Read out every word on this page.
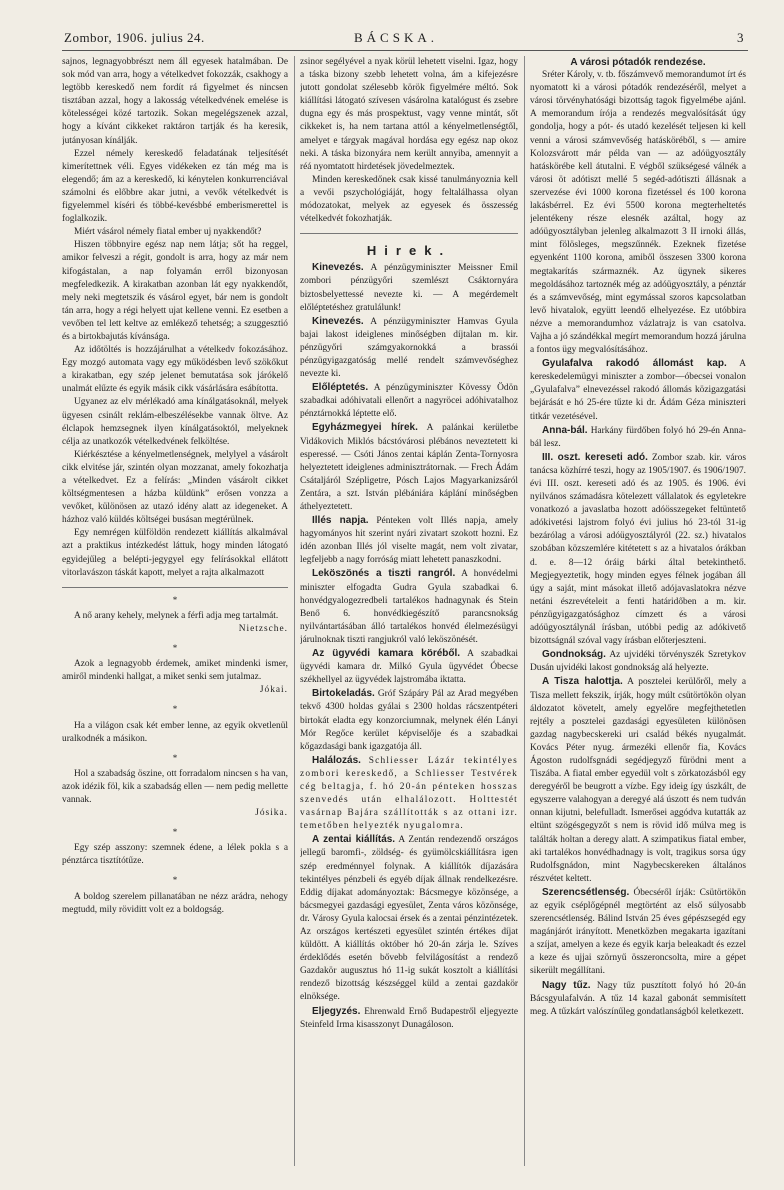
Zombor, 1906. julius 24.	BÁCSKA.	3

sajnos, legnagyobbrészt nem áll egyesek hatalmában. De sok mód van arra, hogy a vételkedvet fokozzák, csakhogy a legtöbb kereskedő nem fordít rá figyelmet és nincsen tisztában azzal, hogy a lakosság vételkedvének emelése is kötelességei közé tartozik. Sokan megelégszenek azzal, hogy a kívánt cikkeket raktáron tartják és ha keresik, jutányosan kínálják.

Ezzel némely kereskedő feladatának teljesítését kimerítettnek véli. Egyes vidékeken ez tán még ma is elegendő; ám az a kereskedő, ki kénytelen konkurrenciával számolni és előbbre akar jutni, a vevők vételkedvét is figyelemmel kíséri és többé-kevésbbé emberismerettel is foglalkozik.

Miért vásárol némely fiatal ember uj nyakkendőt?

Hiszen többnyire egész nap nem látja; sőt ha reggel, amikor felveszi a régit, gondolt is arra, hogy az már nem kifogástalan, a nap folyamán erről bizonyosan megfeledkezik. A kirakatban azonban lát egy nyakkendőt, mely neki megtetszik és vásárol egyet, bár nem is gondolt tán arra, hogy a régi helyett ujat kellene venni. Ez esetben a vevőben tel lett keltve az emlékező tehetség; a szuggesztió és a birtokbajutás kívánsága.

Az időtöltés is hozzájárulhat a vételkedv fokozásához. Egy mozgó automata vagy egy működésben levő szökőkut a kirakatban, egy szép jelenet bemutatása sok járókelő unalmát elűzte és egyik másik cikk vásárlására esábította.

Ugyanez az elv mérlékadó ama kínálgatásoknál, melyek ügyesen csinált reklám-elbeszélésekbe vannak öltve. Az élclapok hemzsegnek ilyen kínálgatásoktól, melyeknek célja az unatkozók vételkedvének felköltése.

Kiérkésztése a kényelmetlenségnek, melylyel a vásárolt cikk elvitése jár, szintén olyan mozzanat, amely fokozhatja a vételkedvet. Ez a felírás: „Minden vásárolt cikket költségmentesen a házba küldünk” erősen vonzza a vevőket, különösen az utazó idény alatt az idegeneket. A házhoz való küldés költségei busásan megtérülnek.

Egy nemrégen külföldön rendezett kiállítás alkalmával azt a praktikus intézkedést láttuk, hogy minden látogató egyidejűleg a belépti-jegygyel egy felírásokkal ellátott vitorlavászon táskát kapott, melyet a rajta alkalmazott

*

A nő arany kehely, melynek a férfi adja meg tartalmát.

Nietzsche.
*

Azok a legnagyobb érdemek, amiket mindenki ismer, amiről mindenki hallgat, a miket senki sem jutalmaz.

Jókai.
*

Ha a világon csak két ember lenne, az egyik okvetlenül uralkodnék a másikon.

*

Hol a szabadság öszine, ott forradalom nincsen s ha van, azok idézik föl, kik a szabadság ellen — nem pedig mellette vannak.

Jósika.
*

Egy szép asszony: szemnek édene, a lélek pokla s a pénztárca tisztítótűze.

*

A boldog szerelem pillanatában ne nézz arádra, nehogy megtudd, mily röviditt volt ez a boldogság.

zsinor segélyével a nyak körül lehetett viselni. Igaz, hogy a táska bizony szebb lehetett volna, ám a kifejezésre jutott gondolat szélesebb körök figyelmére méltó. Sok kiállítási látogató szívesen vásárolna katalógust és zsebre dugna egy és más prospektust, vagy venne mintát, sőt cikkeket is, ha nem tartana attól a kényelmetlenségtől, amelyet e tárgyak magával hordása egy egész nap okoz neki. A táska bizonyára nem került annyiba, amennyit a réá nyomtatott hirdetések jövedelmeztek.

Minden kereskedőnek csak kissé tanulmányoznia kell a vevői pszychológiáját, hogy feltalálhassa olyan módozatokat, melyek az egyesek és összesség vételkedvét fokozhatják.

Hirek.

Kinevezés. A pénzügyminiszter Meissner Emil zombori pénzügyőri szemlészt Csáktornyára biztosbelyettessé nevezte ki. — A megérdemelt előléptetéshez gratulálunk!

Kinevezés. A pénzügyminiszter Hamvas Gyula bajai lakost ideiglenes minőségben díjtalan m. kir. pénzügyőri számgyakornokká a brassói pénzügyigazgatóság mellé rendelt számvevőséghez nevezte ki.

Előléptetés. A pénzügyminiszter Kövessy Ödön szabadkai adóhivatali ellenőrt a nagyröcei adóhivatalhoz pénztárnokká léptette elő.

Egyházmegyei hírek. A palánkai kerületbe Vidákovich Miklós bácstóvárosi plébános neveztetett ki esperessé. — Csóti János zentai káplán Zenta-Tornyosra helyeztetett ideiglenes adminisztrátornak. — Frech Ádám Csátaljáról Szépligetre, Pósch Lajos Magyarkanizsáról Zentára, a szt. István plébániára káplání minőségben áthelyeztetett.

Illés napja. Pénteken volt Illés napja, amely hagyományos hit szerint nyári zivatart szokott hozni. Ez idén azonban Illés jól viselte magát, nem volt zivatar, legfeljebb a nagy forróság miatt lehetett panaszkodni.

Leköszönés a tiszti rangról. A honvédelmi miniszter elfogadta Gudra Gyula szabadkai 6. honvédgyalogezredbeli tartalékos hadnagynak és Stein Benő 6. honvédkiegészítő parancsnokság nyilvántartásában álló tartalékos honvéd élelmezésügyi járulnoknak tiszti rangjukról való leköszönését.

Az ügyvédi kamara köréből. A szabadkai ügyvédi kamara dr. Milkó Gyula ügyvédet Óbecse székhellyel az ügyvédek lajstromába iktatta.

Birtokeladás. Gróf Szápáry Pál az Arad megyében tekvő 4300 holdas gyálai s 2300 holdas rácszentpéteri birtokát eladta egy konzorciumnak, melynek élén Lányi Mór Regőce kerület képviselője és a szabadkai kőgazdasági bank igazgatója áll.

Halálozás. Schliesser Lázár tekintélyes zombori kereskedő, a Schliesser Testvérek cég beltagja, f. hó 20-án pénteken hosszas szenvedés után elhalálozott. Holttestét vasárnap Bajára szállították s az ottani izr. temetőben helyezték nyugalomra.

A zentai kiállítás. A Zentán rendezendő országos jellegű baromfi-, zöldség- és gyümölcskiállításra igen szép eredménnyel folynak. A kiállítók díjazására tekintélyes pénzbeli és egyéb díjak állnak rendelkezésre. Eddig díjakat adományoztak: Bácsmegye közönsége, a bácsmegyei gazdasági egyesület, Zenta város közönsége, dr. Városy Gyula kalocsai érsek és a zentai pénzintézetek. Az országos kertészeti egyesület szintén értékes díjat küldött. A kiállítás október hó 20-án zárja le. Szíves érdeklődés esetén bővebb felvilágosítást a rendező Gazdakör augusztus hó 11-ig sukát kosztolt a kiállítási rendező bizottság készséggel küld a zentai gazdakör elnöksége.

Eljegyzés. Ehrenwald Ernő Budapestről eljegyezte Steinfeld Irma kisasszonyt Dunagáloson.

A városi pótadók rendezése.

Sréter Károly, v. tb. főszámvevő memorandumot írt és nyomatott ki a városi pótadók rendezéséről, melyet a városi törvényhatósági bizottság tagok figyelmébe ajánl. A memorandum írója a rendezés megvalósítását úgy gondolja, hogy a pót- és utadó kezelését teljesen ki kell venni a városi számvevőség hatásköréből, s — amire Kolozsvárott már példa van — az adóügyosztály hatáskörébe kell átutalni. E végből szükségesé válnék a városi öt adótiszt mellé 5 segéd-adótiszti állásnak a szervezése évi 1000 korona fizetéssel és 100 korona lakásbérrel. Ez évi 5500 korona megterheltetés jelentékeny része elesnék azáltal, hogy az adóügyosztályban jelenleg alkalmazott 3 II irnoki állás, mint fölösleges, megszűnnék. Ezeknek fizetése egyenként 1100 korona, amiből összesen 3300 korona megtakarítás származnék. Az ügynek sikeres megoldásához tartoznék még az adóügyosztály, a pénztár és a számvevőség, mint egymással szoros kapcsolatban levő hivatalok, együtt leendő elhelyezése. Ez utóbbira nézve a memorandumhoz vázlatrajz is van csatolva. Vajha a jó szándékkal megírt memorandum hozzá járulna a fontos ügy megvalósításához.

Gyulafalva rakodó állomást kap. A kereskedelemügyi miniszter a zombor—óbecsei vonalon „Gyulafalva” elnevezéssel rakodó állomás közigazgatási bejárását e hó 25-ére tűzte ki dr. Ádám Géza miniszteri titkár vezetésével.

Anna-bál. Harkány fürdőben folyó hó 29-én Anna-bál lesz.

III. oszt. kereseti adó. Zombor szab. kir. város tanácsa közhírré teszi, hogy az 1905/1907. és 1906/1907. évi III. oszt. kereseti adó és az 1905. és 1906. évi nyilvános számadásra kötelezett vállalatok és egyletekre vonatkozó a javaslatba hozott adóösszegeket feltüntető adókivetési lajstrom folyó évi julius hó 23-tól 31-ig bezárólag a városi adóügyosztályról (22. sz.) hivatalos szobában közszemlére kitétetett s az a hivatalos órákban d. e. 8—12 óráig bárki által betekinthető. Megjegyeztetik, hogy minden egyes félnek jogában áll úgy a saját, mint másokat illető adójavaslatokra nézve netáni észrevételeit a fenti határidőben a m. kir. pénzügyigazgatósághoz címzett és a városi adóügyosztálynál írásban, utóbbi pedig az adókivető bizottságnál szóval vagy írásban előterjeszteni.

Gondnokság. Az ujvidéki törvényszék Szretykov Dusán ujvidéki lakost gondnokság alá helyezte.

A Tisza halottja. A posztelei kerülőről, mely a Tisza mellett fekszik, írják, hogy múlt csütörtökön olyan áldozatot követelt, amely egyelőre megfejthetetlen rejtély a posztelei gazdasági egyesületen különösen gazdag nagybecskereki uri család békés nyugalmát. Kovács Péter nyug. ármezéki ellenőr fia, Kovács Ágoston rudolfsgnádi segédjegyző fürödni ment a Tiszába. A fiatal ember egyedül volt s zörkatozásból egy deregyéről be beugrott a vízbe. Egy ideig így úszkált, de egyszerre valahogyan a deregyé alá úszott és nem tudván onnan kijutni, belefulladt. Ismerősei aggódva kutatták az eltünt szögésgegyzőt s nem is rövid idő múlva meg is találták holtan a deregy alatt. A szimpatikus fiatal ember, aki tartalékos honvédhadnagy is volt, tragikus sorsa úgy Rudolfsgnádon, mint Nagybecskereken általános részvétet keltett.

Szerencsétlenség. Óbecséről írják: Csütörtökön az egyik cséplőgépnél megtörtént az első súlyosabb szerencsétlenség. Bálind István 25 éves gépészsegéd egy magánjárót irányított. Menetközben megakarta igazítani a szíjat, amelyen a keze és egyik karja beleakadt és ezzel a keze és ujjai szörnyű összeroncsolta, mire a gépet sikerült megállítani.

Nagy tűz. Nagy tűz pusztított folyó hó 20-án Bácsgyulafalván. A tűz 14 kazal gabonát semmisített meg. A tűzkárt valószínűleg gondatlanságból keletkezett.
